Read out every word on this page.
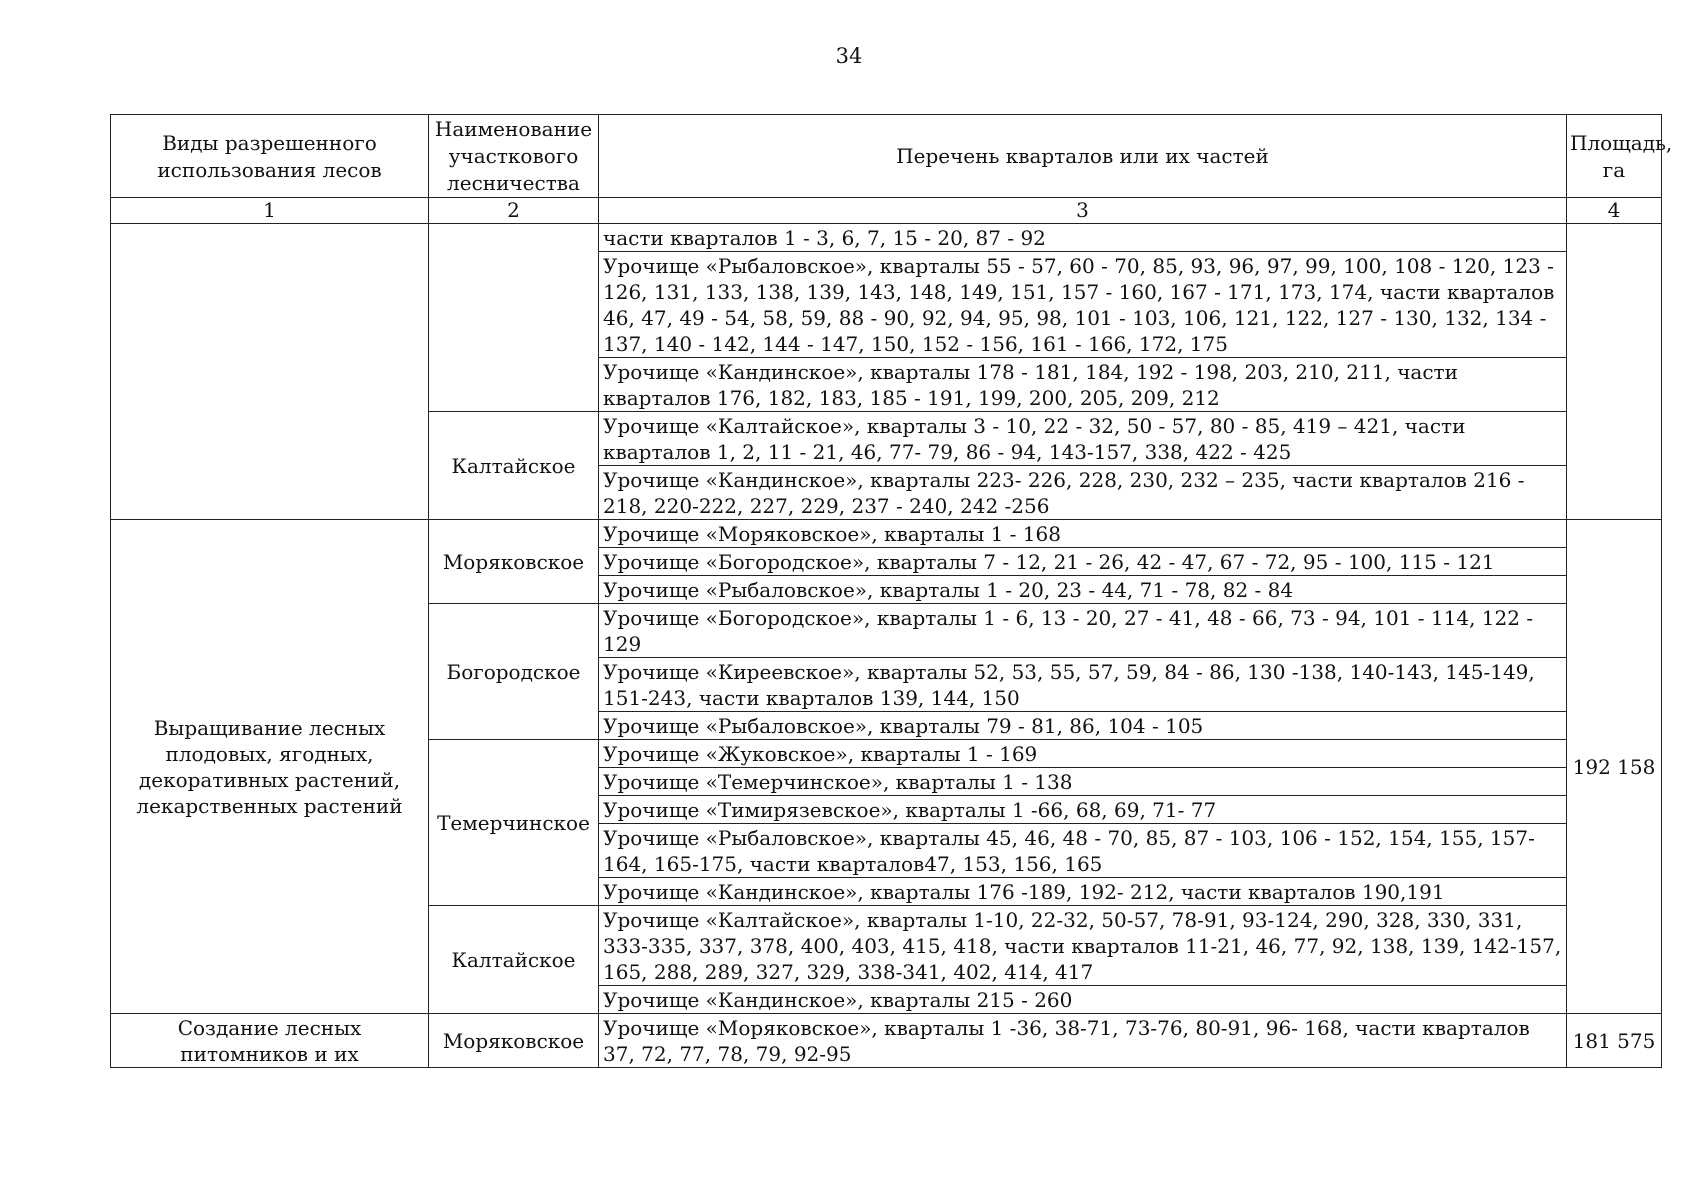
34
Виды разрешенного использования лесов	Наименование участкового лесничества	Перечень кварталов или их частей	Площадь, га
1	2	3	4
		части кварталов 1 - 3, 6, 7, 15 - 20, 87 - 92	
		Урочище «Рыбаловское», кварталы 55 - 57, 60 - 70, 85, 93, 96, 97, 99, 100, 108 - 120, 123 - 126, 131, 133, 138, 139, 143, 148, 149, 151, 157 - 160, 167 - 171, 173, 174, части кварталов 46, 47, 49 - 54, 58, 59, 88 - 90, 92, 94, 95, 98, 101 - 103, 106, 121, 122, 127 - 130, 132, 134 - 137, 140 - 142, 144 - 147, 150, 152 - 156, 161 - 166, 172, 175	
		Урочище «Кандинское», кварталы 178 - 181, 184, 192 - 198, 203, 210, 211, части кварталов 176, 182, 183, 185 - 191, 199, 200, 205, 209, 212	
	Калтайское	Урочище «Калтайское», кварталы 3 - 10, 22 - 32, 50 - 57, 80 - 85, 419 – 421, части кварталов 1, 2, 11 - 21, 46, 77- 79, 86 - 94, 143-157, 338, 422 - 425	
		Урочище «Кандинское», кварталы 223- 226, 228, 230, 232 – 235, части кварталов 216 - 218, 220-222, 227, 229, 237 - 240, 242 -256	
Выращивание лесных плодовых, ягодных, декоративных растений, лекарственных растений	Моряковское	Урочище «Моряковское», кварталы 1 - 168	192 158
		Урочище «Богородское», кварталы 7 - 12, 21 - 26, 42 - 47, 67 - 72, 95 - 100, 115 - 121	
		Урочище «Рыбаловское», кварталы 1 - 20, 23 - 44, 71 - 78, 82 - 84	
	Богородское	Урочище «Богородское», кварталы 1 - 6, 13 - 20, 27 - 41, 48 - 66, 73 - 94, 101 - 114, 122 - 129	
		Урочище «Киреевское», кварталы 52, 53, 55, 57, 59, 84 - 86, 130 -138, 140-143, 145-149, 151-243, части кварталов 139, 144, 150	
		Урочище «Рыбаловское», кварталы 79 - 81, 86, 104 - 105	
	Темерчинское	Урочище «Жуковское», кварталы 1 - 169	
		Урочище «Темерчинское», кварталы 1 - 138	
		Урочище «Тимирязевское», кварталы 1 -66, 68, 69, 71- 77	
		Урочище «Рыбаловское», кварталы 45, 46, 48 - 70, 85, 87 - 103, 106 - 152, 154, 155, 157-164, 165-175, части кварталов47, 153, 156, 165	
		Урочище «Кандинское», кварталы 176 -189, 192- 212, части кварталов 190,191	
	Калтайское	Урочище «Калтайское», кварталы 1-10, 22-32, 50-57, 78-91, 93-124, 290, 328, 330, 331, 333-335, 337, 378, 400, 403, 415, 418, части кварталов 11-21, 46, 77, 92, 138, 139, 142-157, 165, 288, 289, 327, 329, 338-341, 402, 414, 417	
		Урочище «Кандинское», кварталы 215 - 260	
Создание лесных питомников и их	Моряковское	Урочище «Моряковское», кварталы 1 -36, 38-71, 73-76, 80-91, 96- 168, части кварталов 37, 72, 77, 78, 79, 92-95	181 575
